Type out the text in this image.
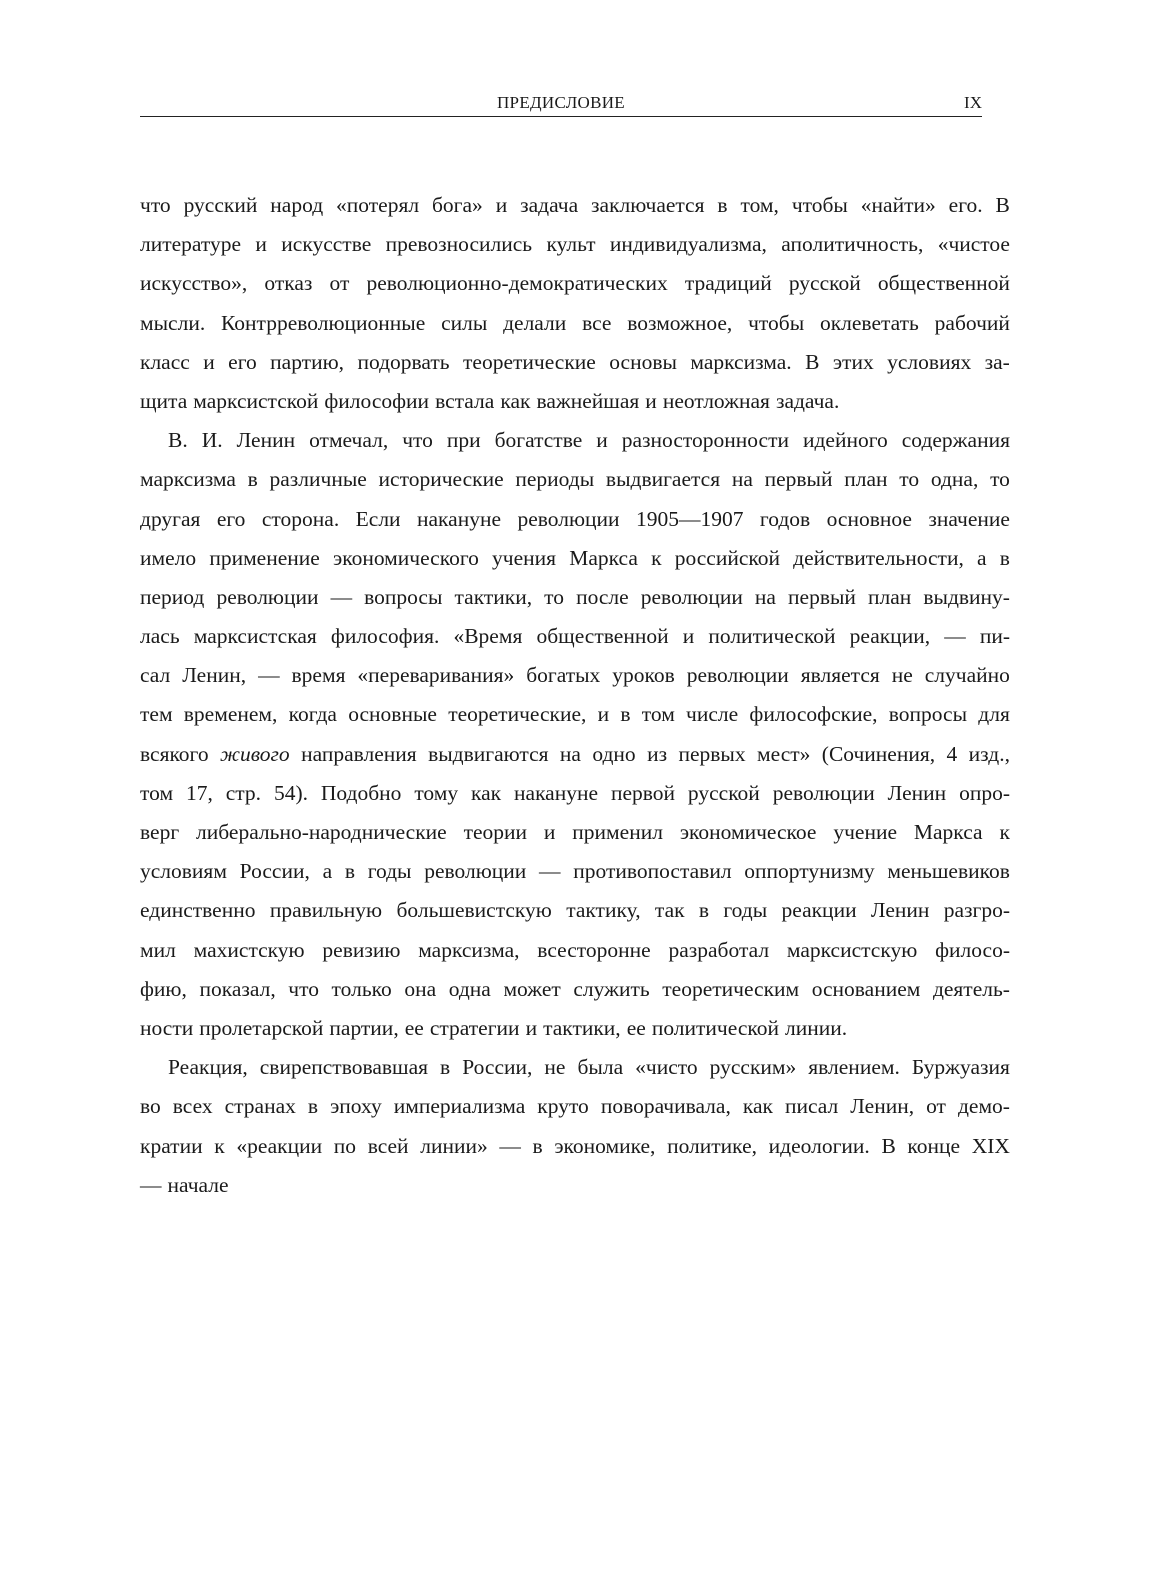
ПРЕДИСЛОВИЕ	IX

что русский народ «потерял бога» и задача заключается в том, чтобы «найти» его. В
литературе и искусстве превозносились культ индивидуализма, аполитичность, «чистое
искусство», отказ от революционно-демократических традиций русской общественной
мысли. Контрреволюционные силы делали все возможное, чтобы оклеветать рабочий
класс и его партию, подорвать теоретические основы марксизма. В этих условиях за-
щита марксистской философии встала как важнейшая и неотложная задача.

В. И. Ленин отмечал, что при богатстве и разносторонности идейного содержания
марксизма в различные исторические периоды выдвигается на первый план то одна, то
другая его сторона. Если накануне революции 1905—1907 годов основное значение
имело применение экономического учения Маркса к российской действительности, а в
период революции — вопросы тактики, то после революции на первый план выдвину-
лась марксистская философия. «Время общественной и политической реакции, — пи-
сал Ленин, — время «переваривания» богатых уроков революции является не случайно
тем временем, когда основные теоретические, и в том числе философские, вопросы для
всякого живого направления выдвигаются на одно из первых мест» (Сочинения, 4 изд.,
том 17, стр. 54). Подобно тому как накануне первой русской революции Ленин опро-
верг либерально-народнические теории и применил экономическое учение Маркса к
условиям России, а в годы революции — противопоставил оппортунизму меньшевиков
единственно правильную большевистскую тактику, так в годы реакции Ленин разгро-
мил махистскую ревизию марксизма, всесторонне разработал марксистскую филосо-
фию, показал, что только она одна может служить теоретическим основанием деятель-
ности пролетарской партии, ее стратегии и тактики, ее политической линии.

Реакция, свирепствовавшая в России, не была «чисто русским» явлением. Буржуазия
во всех странах в эпоху империализма круто поворачивала, как писал Ленин, от демо-
кратии к «реакции по всей линии» — в экономике, политике, идеологии. В конце XIX
— начале
